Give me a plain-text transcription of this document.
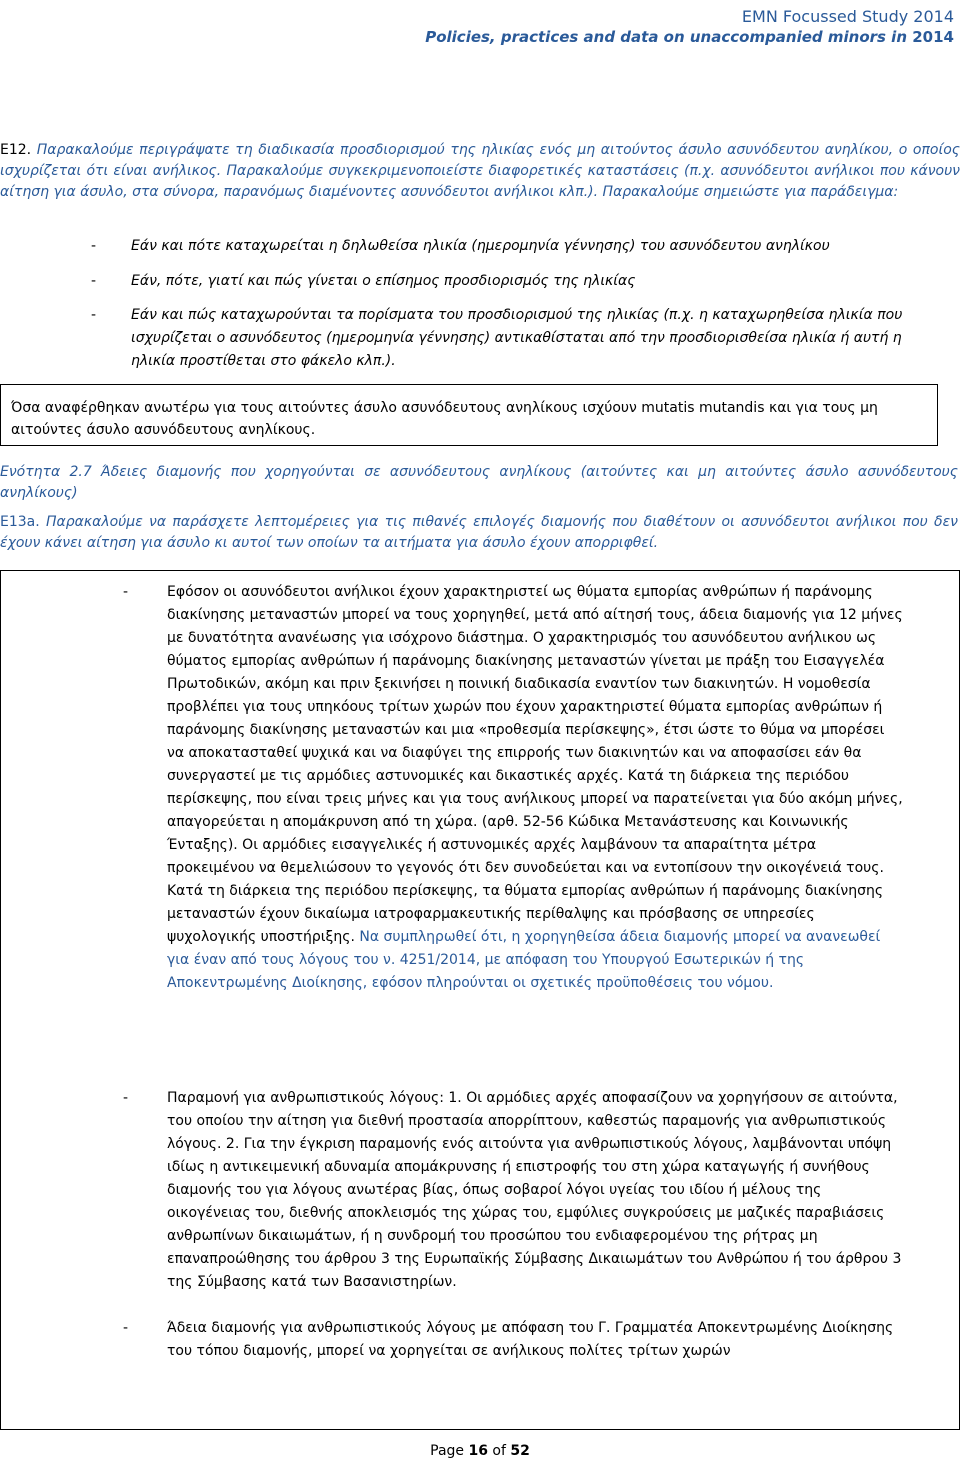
EMN Focussed Study 2014
Policies, practices and data on unaccompanied minors in 2014
E12. Παρακαλούμε περιγράψατε τη διαδικασία προσδιορισμού της ηλικίας ενός μη αιτούντος άσυλο ασυνόδευτου ανηλίκου, ο οποίος ισχυρίζεται ότι είναι ανήλικος. Παρακαλούμε συγκεκριμενοποιείστε διαφορετικές καταστάσεις (π.χ. ασυνόδευτοι ανήλικοι που κάνουν αίτηση για άσυλο, στα σύνορα, παρανόμως διαμένοντες ασυνόδευτοι ανήλικοι κλπ.). Παρακαλούμε σημειώστε για παράδειγμα:
- Εάν και πότε καταχωρείται η δηλωθείσα ηλικία (ημερομηνία γέννησης) του ασυνόδευτου ανηλίκου
- Εάν, πότε, γιατί και πώς γίνεται ο επίσημος προσδιορισμός της ηλικίας
- Εάν και πώς καταχωρούνται τα πορίσματα του προσδιορισμού της ηλικίας (π.χ. η καταχωρηθείσα ηλικία που ισχυρίζεται ο ασυνόδευτος (ημερομηνία γέννησης) αντικαθίσταται από την προσδιορισθείσα ηλικία ή αυτή η ηλικία προστίθεται στο φάκελο κλπ.).
Όσα αναφέρθηκαν ανωτέρω για τους αιτούντες άσυλο ασυνόδευτους ανηλίκους ισχύουν mutatis mutandis και για τους μη αιτούντες άσυλο ασυνόδευτους ανηλίκους.
Ενότητα 2.7 Άδειες διαμονής που χορηγούνται σε ασυνόδευτους ανηλίκους (αιτούντες και μη αιτούντες άσυλο ασυνόδευτους ανηλίκους)
E13a. Παρακαλούμε να παράσχετε λεπτομέρειες για τις πιθανές επιλογές διαμονής που διαθέτουν οι ασυνόδευτοι ανήλικοι που δεν έχουν κάνει αίτηση για άσυλο κι αυτοί των οποίων τα αιτήματα για άσυλο έχουν απορριφθεί.
-	Εφόσον οι ασυνόδευτοι ανήλικοι έχουν χαρακτηριστεί ως θύματα εμπορίας ανθρώπων ή παράνομης διακίνησης μεταναστών μπορεί να τους χορηγηθεί, μετά από αίτησή τους, άδεια διαμονής για 12 μήνες με δυνατότητα ανανέωσης για ισόχρονο διάστημα. Ο χαρακτηρισμός του ασυνόδευτου ανήλικου ως θύματος εμπορίας ανθρώπων ή παράνομης διακίνησης μεταναστών γίνεται με πράξη του Εισαγγελέα Πρωτοδικών, ακόμη και πριν ξεκινήσει η ποινική διαδικασία εναντίον των διακινητών. Η νομοθεσία προβλέπει για τους υπηκόους τρίτων χωρών που έχουν χαρακτηριστεί θύματα εμπορίας ανθρώπων ή παράνομης διακίνησης μεταναστών και μια «προθεσμία περίσκεψης», έτσι ώστε το θύμα να μπορέσει να αποκατασταθεί ψυχικά και να διαφύγει της επιρροής των διακινητών και να αποφασίσει εάν θα συνεργαστεί με τις αρμόδιες αστυνομικές και δικαστικές αρχές. Κατά τη διάρκεια της περιόδου περίσκεψης, που είναι τρεις μήνες και για τους ανήλικους μπορεί να παρατείνεται για δύο ακόμη μήνες, απαγορεύεται η απομάκρυνση από τη χώρα. (αρθ. 52-56 Κώδικα Μετανάστευσης και Κοινωνικής Ένταξης). Οι αρμόδιες εισαγγελικές ή αστυνομικές αρχές λαμβάνουν τα απαραίτητα μέτρα προκειμένου να θεμελιώσουν το γεγονός ότι δεν συνοδεύεται και να εντοπίσουν την οικογένειά τους. Κατά τη διάρκεια της περιόδου περίσκεψης, τα θύματα εμπορίας ανθρώπων ή παράνομης διακίνησης μεταναστών έχουν δικαίωμα ιατροφαρμακευτικής περίθαλψης και πρόσβασης σε υπηρεσίες ψυχολογικής υποστήριξης. Να συμπληρωθεί ότι, η χορηγηθείσα άδεια διαμονής μπορεί να ανανεωθεί για έναν από τους λόγους του ν. 4251/2014, με απόφαση του Υπουργού Εσωτερικών ή της Αποκεντρωμένης Διοίκησης, εφόσον πληρούνται οι σχετικές προϋποθέσεις του νόμου.
-	Παραμονή για ανθρωπιστικούς λόγους: 1. Οι αρμόδιες αρχές αποφασίζουν να χορηγήσουν σε αιτούντα, του οποίου την αίτηση για διεθνή προστασία απορρίπτουν, καθεστώς παραμονής για ανθρωπιστικούς λόγους. 2. Για την έγκριση παραμονής ενός αιτούντα για ανθρωπιστικούς λόγους, λαμβάνονται υπόψη ιδίως η αντικειμενική αδυναμία απομάκρυνσης ή επιστροφής του στη χώρα καταγωγής ή συνήθους διαμονής του για λόγους ανωτέρας βίας, όπως σοβαροί λόγοι υγείας του ιδίου ή μέλους της οικογένειας του, διεθνής αποκλεισμός της χώρας του, εμφύλιες συγκρούσεις με μαζικές παραβιάσεις ανθρωπίνων δικαιωμάτων, ή η συνδρομή του προσώπου του ενδιαφερομένου της ρήτρας μη επαναπροώθησης του άρθρου 3 της Ευρωπαϊκής Σύμβασης Δικαιωμάτων του Ανθρώπου ή του άρθρου 3 της Σύμβασης κατά των Βασανιστηρίων.
-	Άδεια διαμονής για ανθρωπιστικούς λόγους με απόφαση του Γ. Γραμματέα Αποκεντρωμένης Διοίκησης του τόπου διαμονής, μπορεί να χορηγείται σε ανήλικους πολίτες τρίτων χωρών
Page 16 of 52
